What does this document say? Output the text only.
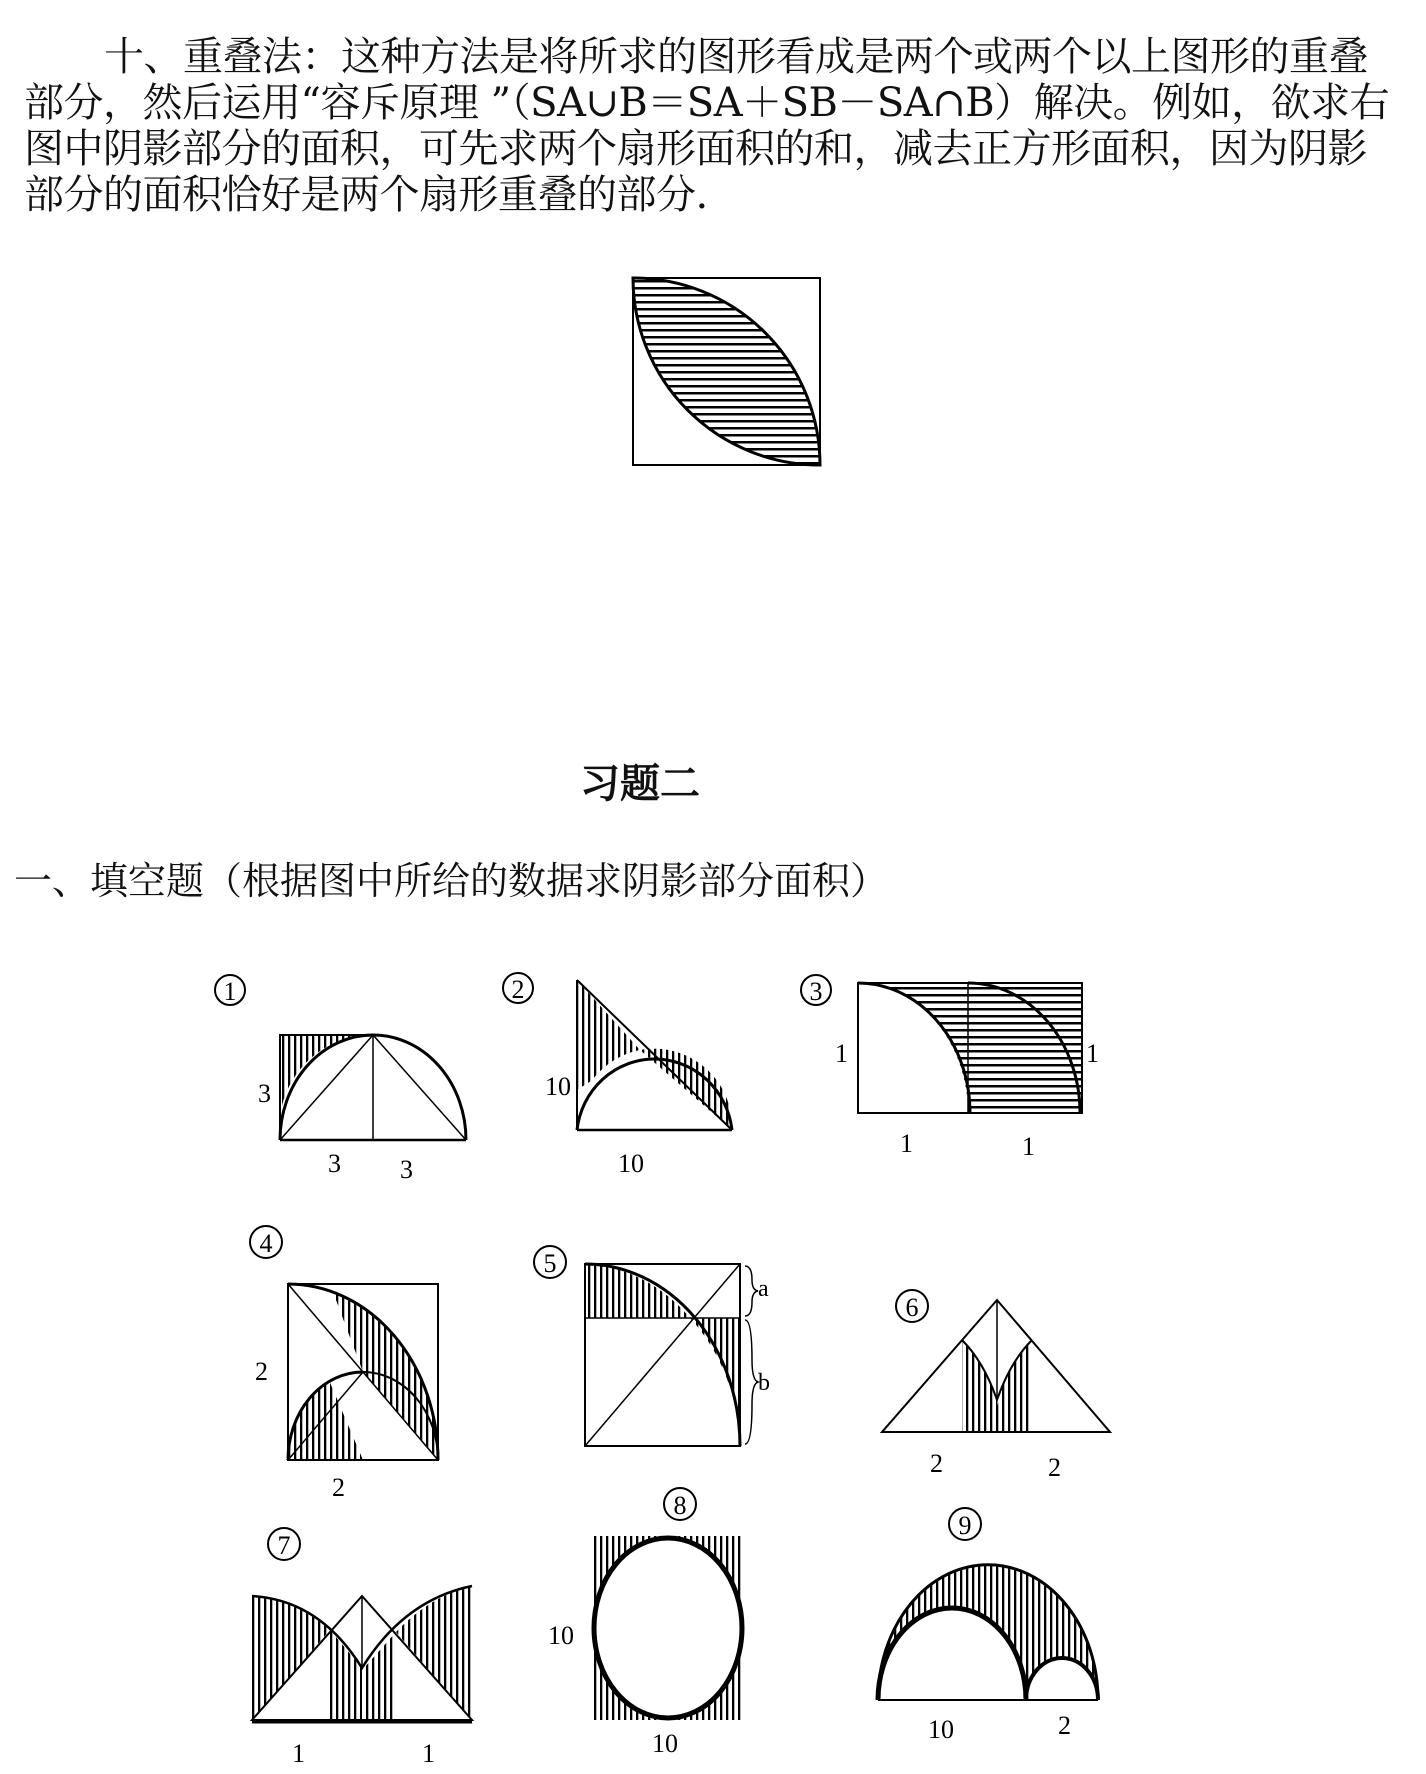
十、重叠法：这种方法是将所求的图形看成是两个或两个以上图形的重叠
部分，然后运用“容斥原理 ”（SA∪B＝SA＋SB－SA∩B）解决。例如，欲求右
图中阴影部分的面积，可先求两个扇形面积的和，减去正方形面积，因为阴影
部分的面积恰好是两个扇形重叠的部分.
习题二
一、填空题（根据图中所给的数据求阴影部分面积）
1
3
3 3
2
10
10
3
1	1
1	1
4
2
2
5
a
b
6
2	2
7
1	1
8
10
10
9
10	2
